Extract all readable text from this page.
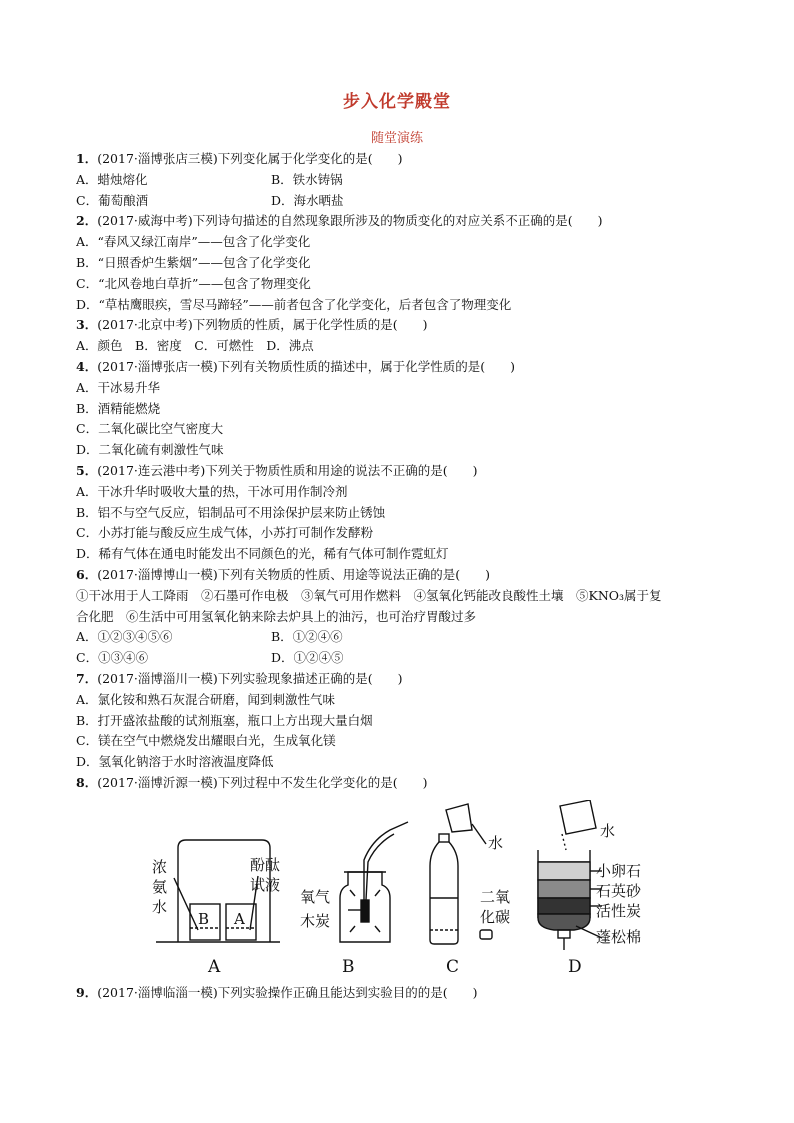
步入化学殿堂
随堂演练
1．(2017·淄博张店三模)下列变化属于化学变化的是(　　)
A．蜡烛熔化	B．铁水铸锅
C．葡萄酿酒	D．海水晒盐
2．(2017·威海中考)下列诗句描述的自然现象跟所涉及的物质变化的对应关系不正确的是(　　)
A．“春风又绿江南岸”——包含了化学变化
B．“日照香炉生紫烟”——包含了化学变化
C．“北风卷地白草折”——包含了物理变化
D．“草枯鹰眼疾，雪尽马蹄轻”——前者包含了化学变化，后者包含了物理变化
3．(2017·北京中考)下列物质的性质，属于化学性质的是(　　)
A．颜色　B．密度　C．可燃性　D．沸点
4．(2017·淄博张店一模)下列有关物质性质的描述中，属于化学性质的是(　　)
A．干冰易升华
B．酒精能燃烧
C．二氧化碳比空气密度大
D．二氧化硫有刺激性气味
5．(2017·连云港中考)下列关于物质性质和用途的说法不正确的是(　　)
A．干冰升华时吸收大量的热，干冰可用作制冷剂
B．铝不与空气反应，铝制品可不用涂保护层来防止锈蚀
C．小苏打能与酸反应生成气体，小苏打可制作发酵粉
D．稀有气体在通电时能发出不同颜色的光，稀有气体可制作霓虹灯
6．(2017·淄博博山一模)下列有关物质的性质、用途等说法正确的是(　　)
①干冰用于人工降雨　②石墨可作电极　③氧气可用作燃料　④氢氧化钙能改良酸性土壤　⑤KNO₃属于复
合化肥　⑥生活中可用氢氧化钠来除去炉具上的油污，也可治疗胃酸过多
A．①②③④⑤⑥	B．①②④⑥
C．①③④⑥	D．①②④⑤
7．(2017·淄博淄川一模)下列实验现象描述正确的是(　　)
A．氯化铵和熟石灰混合研磨，闻到刺激性气味
B．打开盛浓盐酸的试剂瓶塞，瓶口上方出现大量白烟
C．镁在空气中燃烧发出耀眼白光，生成氧化镁
D．氢氧化钠溶于水时溶液温度降低
8．(2017·淄博沂源一模)下列过程中不发生化学变化的是(　　)
浓
氨
水
酚酞
试液
B A
A
氧气
木炭
B
水
二氧
化碳
C
水
小卵石
石英砂
活性炭
蓬松棉
D
9．(2017·淄博临淄一模)下列实验操作正确且能达到实验目的的是(　　)
